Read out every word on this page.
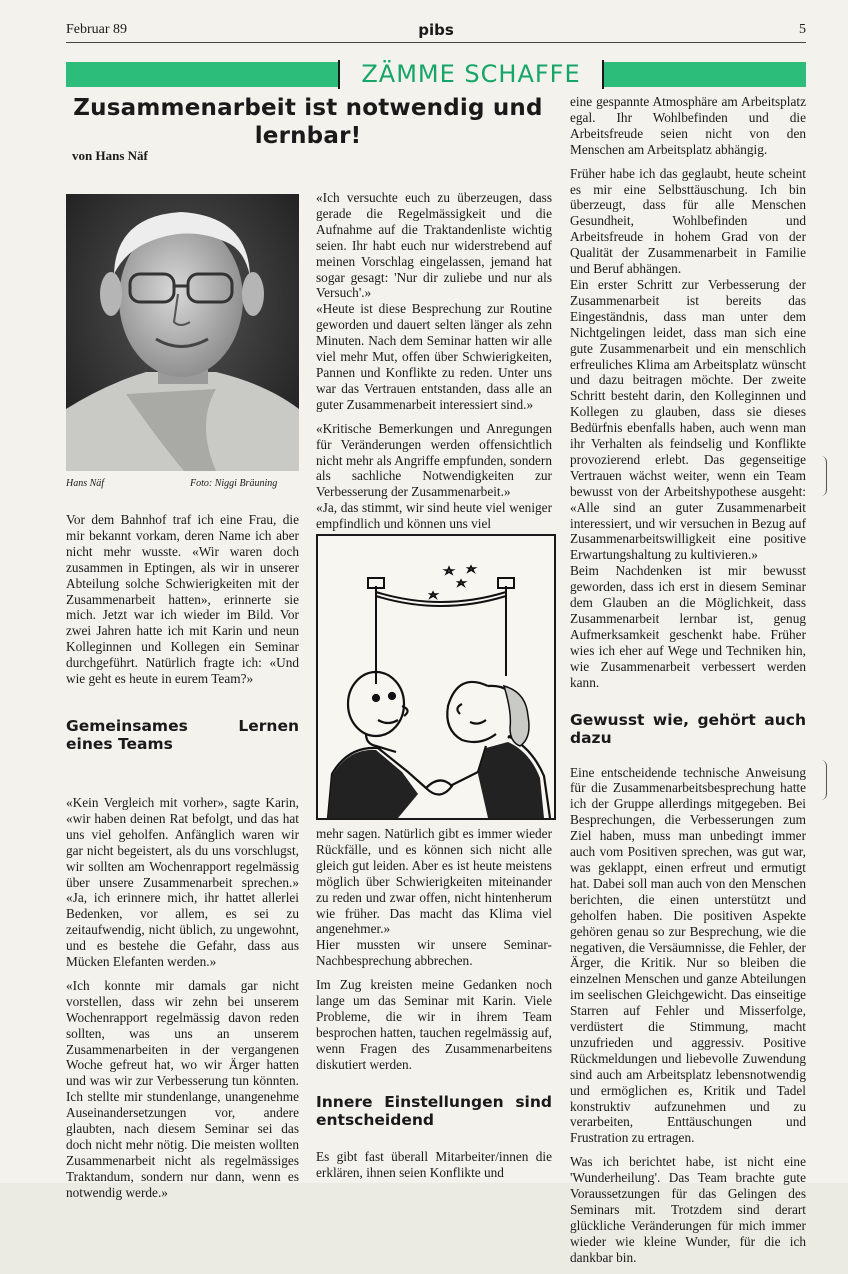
Februar 89	pibs	5
ZÄMME SCHAFFE
Zusammenarbeit ist notwendig und lernbar!
von Hans Näf
Hans Näf	Foto: Niggi Bräuning

Vor dem Bahnhof traf ich eine Frau, die mir bekannt vorkam, deren Name ich aber nicht mehr wusste. «Wir waren doch zusammen in Eptingen, als wir in unserer Abteilung solche Schwierigkeiten mit der Zusammenarbeit hatten», erinnerte sie mich. Jetzt war ich wieder im Bild. Vor zwei Jahren hatte ich mit Karin und neun Kolleginnen und Kollegen ein Seminar durchgeführt. Natürlich fragte ich: «Und wie geht es heute in eurem Team?»

Gemeinsames Lernen eines Teams

«Kein Vergleich mit vorher», sagte Karin, «wir haben deinen Rat befolgt, und das hat uns viel geholfen. Anfänglich waren wir gar nicht begeistert, als du uns vorschlugst, wir sollten am Wochenrapport regelmässig über unsere Zusammenarbeit sprechen.» «Ja, ich erinnere mich, ihr hattet allerlei Bedenken, vor allem, es sei zu zeitaufwendig, nicht üblich, zu ungewohnt, und es bestehe die Gefahr, dass aus Mücken Elefanten werden.»

«Ich konnte mir damals gar nicht vorstellen, dass wir zehn bei unserem Wochenrapport regelmässig davon reden sollten, was uns an unserem Zusammenarbeiten in der vergangenen Woche gefreut hat, wo wir Ärger hatten und was wir zur Verbesserung tun könnten. Ich stellte mir stundenlange, unangenehme Auseinandersetzungen vor, andere glaubten, nach diesem Seminar sei das doch nicht mehr nötig. Die meisten wollten Zusammenarbeit nicht als regelmässiges Traktandum, sondern nur dann, wenn es notwendig werde.»

«Ich versuchte euch zu überzeugen, dass gerade die Regelmässigkeit und die Aufnahme auf die Traktandenliste wichtig seien. Ihr habt euch nur widerstrebend auf meinen Vorschlag eingelassen, jemand hat sogar gesagt: 'Nur dir zuliebe und nur als Versuch'.»

«Heute ist diese Besprechung zur Routine geworden und dauert selten länger als zehn Minuten. Nach dem Seminar hatten wir alle viel mehr Mut, offen über Schwierigkeiten, Pannen und Konflikte zu reden. Unter uns war das Vertrauen entstanden, dass alle an guter Zusammenarbeit interessiert sind.»

«Kritische Bemerkungen und Anregungen für Veränderungen werden offensichtlich nicht mehr als Angriffe empfunden, sondern als sachliche Notwendigkeiten zur Verbesserung der Zusammenarbeit.»

«Ja, das stimmt, wir sind heute viel weniger empfindlich und können uns viel

mehr sagen. Natürlich gibt es immer wieder Rückfälle, und es können sich nicht alle gleich gut leiden. Aber es ist heute meistens möglich über Schwierigkeiten miteinander zu reden und zwar offen, nicht hintenherum wie früher. Das macht das Klima viel angenehmer.»

Hier mussten wir unsere Seminar-Nachbesprechung abbrechen.

Im Zug kreisten meine Gedanken noch lange um das Seminar mit Karin. Viele Probleme, die wir in ihrem Team besprochen hatten, tauchen regelmässig auf, wenn Fragen des Zusammenarbeitens diskutiert werden.

Innere Einstellungen sind entscheidend

Es gibt fast überall Mitarbeiter/innen die erklären, ihnen seien Konflikte und

eine gespannte Atmosphäre am Arbeitsplatz egal. Ihr Wohlbefinden und die Arbeitsfreude seien nicht von den Menschen am Arbeitsplatz abhängig.

Früher habe ich das geglaubt, heute scheint es mir eine Selbsttäuschung. Ich bin überzeugt, dass für alle Menschen Gesundheit, Wohlbefinden und Arbeitsfreude in hohem Grad von der Qualität der Zusammenarbeit in Familie und Beruf abhängen.

Ein erster Schritt zur Verbesserung der Zusammenarbeit ist bereits das Eingeständnis, dass man unter dem Nichtgelingen leidet, dass man sich eine gute Zusammenarbeit und ein menschlich erfreuliches Klima am Arbeitsplatz wünscht und dazu beitragen möchte. Der zweite Schritt besteht darin, den Kolleginnen und Kollegen zu glauben, dass sie dieses Bedürfnis ebenfalls haben, auch wenn man ihr Verhalten als feindselig und Konflikte provozierend erlebt. Das gegenseitige Vertrauen wächst weiter, wenn ein Team bewusst von der Arbeitshypothese ausgeht: «Alle sind an guter Zusammenarbeit interessiert, und wir versuchen in Bezug auf Zusammenarbeitswilligkeit eine positive Erwartungshaltung zu kultivieren.»

Beim Nachdenken ist mir bewusst geworden, dass ich erst in diesem Seminar dem Glauben an die Möglichkeit, dass Zusammenarbeit lernbar ist, genug Aufmerksamkeit geschenkt habe. Früher wies ich eher auf Wege und Techniken hin, wie Zusammenarbeit verbessert werden kann.

Gewusst wie, gehört auch dazu

Eine entscheidende technische Anweisung für die Zusammenarbeitsbesprechung hatte ich der Gruppe allerdings mitgegeben. Bei Besprechungen, die Verbesserungen zum Ziel haben, muss man unbedingt immer auch vom Positiven sprechen, was gut war, was geklappt, einen erfreut und ermutigt hat. Dabei soll man auch von den Menschen berichten, die einen unterstützt und geholfen haben. Die positiven Aspekte gehören genau so zur Besprechung, wie die negativen, die Versäumnisse, die Fehler, der Ärger, die Kritik. Nur so bleiben die einzelnen Menschen und ganze Abteilungen im seelischen Gleichgewicht. Das einseitige Starren auf Fehler und Misserfolge, verdüstert die Stimmung, macht unzufrieden und aggressiv. Positive Rückmeldungen und liebevolle Zuwendung sind auch am Arbeitsplatz lebensnotwendig und ermöglichen es, Kritik und Tadel konstruktiv aufzunehmen und zu verarbeiten, Enttäuschungen und Frustration zu ertragen.

Was ich berichtet habe, ist nicht eine 'Wunderheilung'. Das Team brachte gute Voraussetzungen für das Gelingen des Seminars mit. Trotzdem sind derart glückliche Veränderungen für mich immer wieder wie kleine Wunder, für die ich dankbar bin.
